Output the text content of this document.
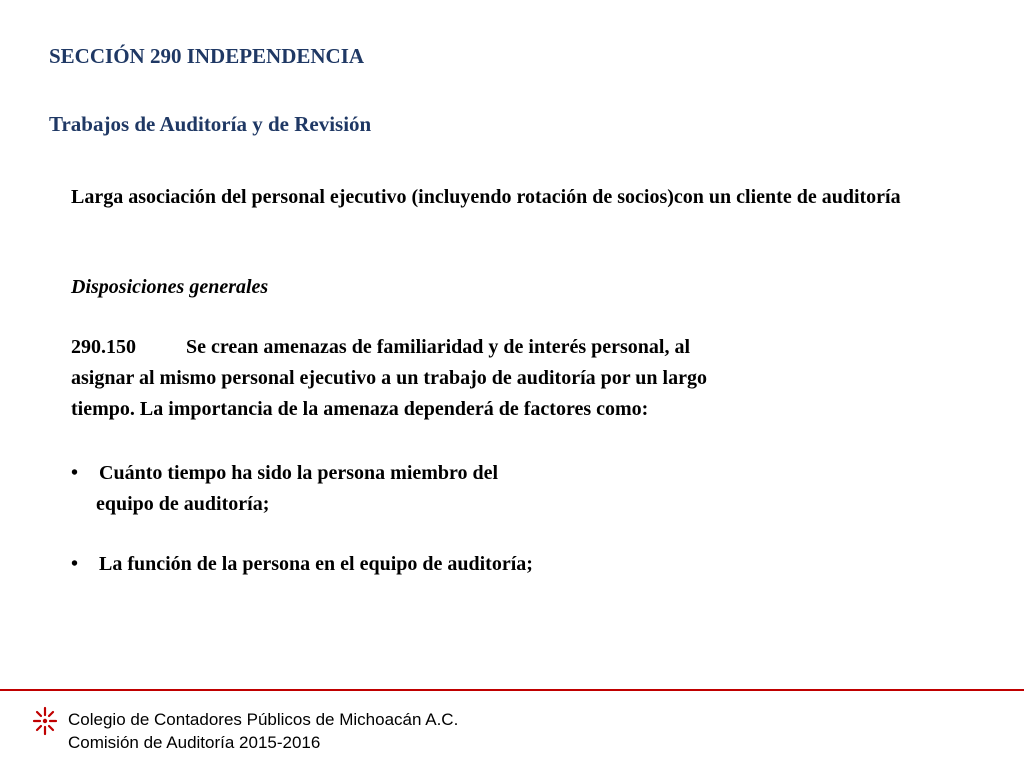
SECCIÓN 290 INDEPENDENCIA
Trabajos de Auditoría y de Revisión
Larga asociación del personal ejecutivo (incluyendo rotación de socios)con un cliente de auditoría
Disposiciones generales
290.150	Se crean amenazas de familiaridad y de interés personal, al
asignar al mismo personal ejecutivo a un trabajo de auditoría por un largo
tiempo. La importancia de la amenaza dependerá de factores como:
• Cuánto tiempo ha sido la persona miembro del
equipo de auditoría;
• La función de la persona en el equipo de auditoría;
Colegio de Contadores Públicos de Michoacán A.C.
Comisión de Auditoría 2015-2016
